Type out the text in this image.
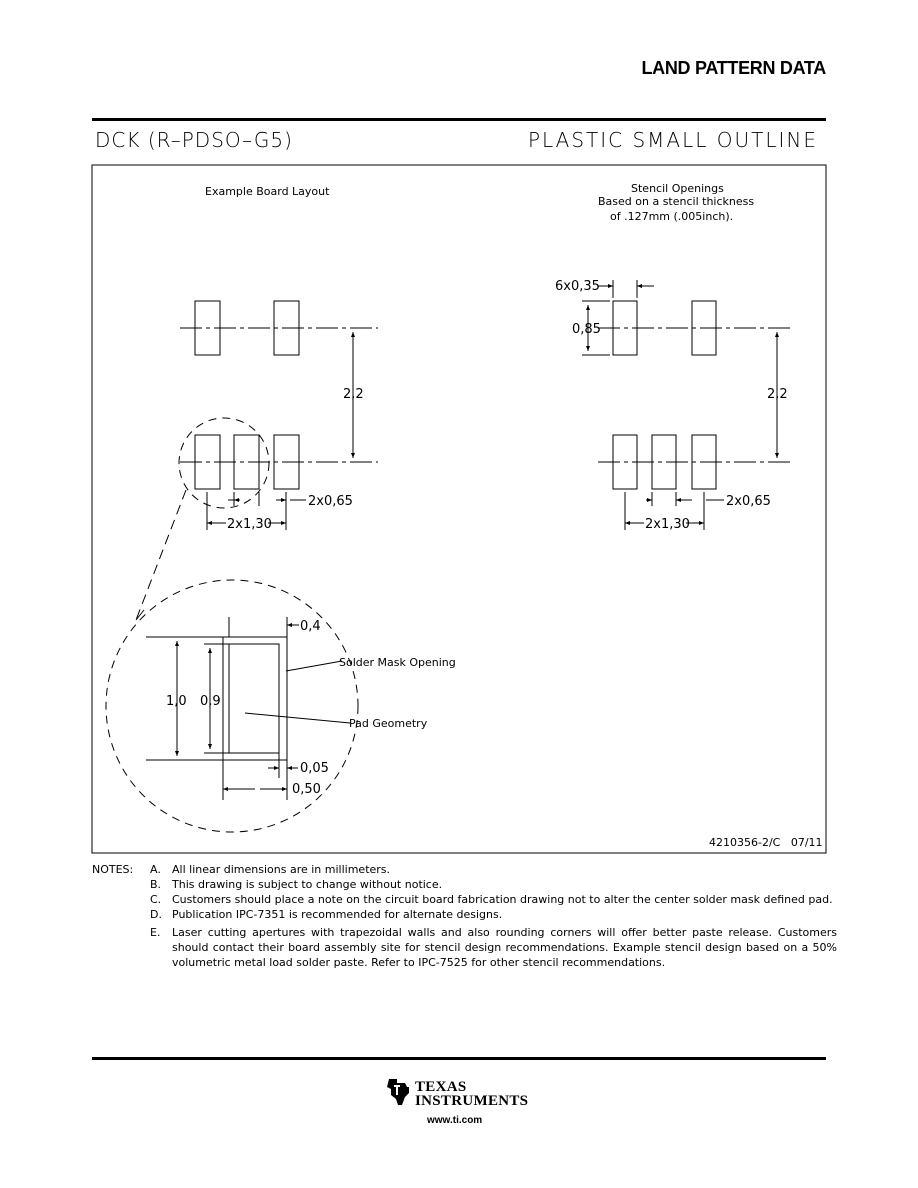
LAND PATTERN DATA
DCK (R–PDSO–G5)	PLASTIC SMALL OUTLINE
Example Board Layout	Stencil Openings
Based on a stencil thickness
of .127mm (.005inch).
2,2	2,2
2x0,65
2x1,30
2x0,65
2x1,30
6x0,35
0,85
0,4
1,0 0,9
0,05
0,50
Solder Mask Opening
Pad Geometry
4210356-2/C   07/11
NOTES: A. All linear dimensions are in millimeters.
B. This drawing is subject to change without notice.
C. Customers should place a note on the circuit board fabrication drawing not to alter the center solder mask defined pad.
D. Publication IPC-7351 is recommended for alternate designs.
E. Laser cutting apertures with trapezoidal walls and also rounding corners will offer better paste release. Customers should contact their board assembly site for stencil design recommendations. Example stencil design based on a 50% volumetric metal load solder paste. Refer to IPC-7525 for other stencil recommendations.
TEXAS
INSTRUMENTS
www.ti.com
